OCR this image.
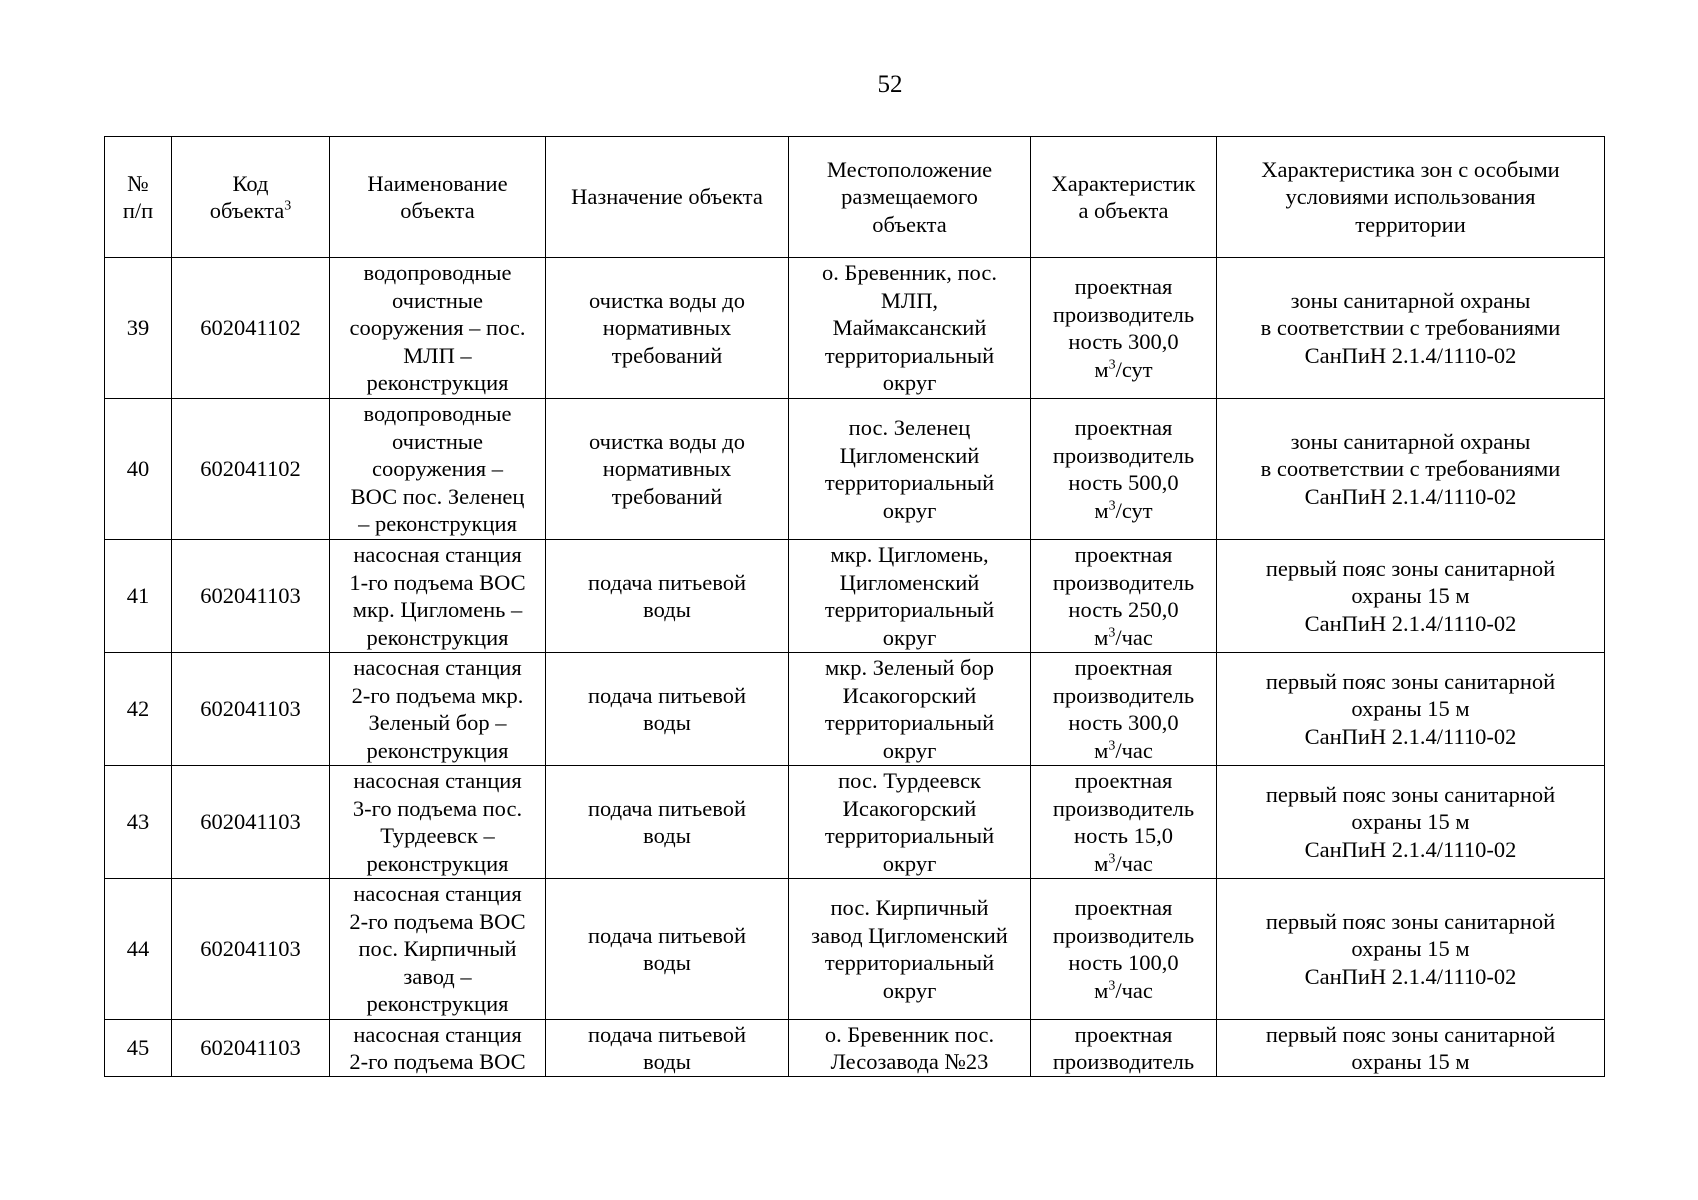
52
№
п/п	Код
объекта$^3$	Наименование
объекта	Назначение объекта	Местоположение
размещаемого
объекта	Характеристик
а объекта	Характеристика зон с особыми
условиями использования
территории

39	602041102	водопроводные
очистные
сооружения – пос.
МЛП –
реконструкция	очистка воды до
нормативных
требований	о. Бревенник, пос.
МЛП,
Маймаксанский
территориальный
округ	проектная
производитель
ность 300,0
$м^3$/сут	зоны санитарной охраны
в соответствии с требованиями
СанПиН 2.1.4/1110-02

40	602041102	водопроводные
очистные
сооружения –
ВОС пос. Зеленец
– реконструкция	очистка воды до
нормативных
требований	пос. Зеленец
Цигломенский
территориальный
округ	проектная
производитель
ность 500,0
$м^3$/сут	зоны санитарной охраны
в соответствии с требованиями
СанПиН 2.1.4/1110-02

41	602041103	насосная станция
1-го подъема ВОС
мкр. Цигломень –
реконструкция	подача питьевой
воды	мкр. Цигломень,
Цигломенский
территориальный
округ	проектная
производитель
ность 250,0
$м^3$/час	первый пояс зоны санитарной
охраны 15 м
СанПиН 2.1.4/1110-02

42	602041103	насосная станция
2-го подъема мкр.
Зеленый бор –
реконструкция	подача питьевой
воды	мкр. Зеленый бор
Исакогорский
территориальный
округ	проектная
производитель
ность 300,0
$м^3$/час	первый пояс зоны санитарной
охраны 15 м
СанПиН 2.1.4/1110-02

43	602041103	насосная станция
3-го подъема пос.
Турдеевск –
реконструкция	подача питьевой
воды	пос. Турдеевск
Исакогорский
территориальный
округ	проектная
производитель
ность 15,0
$м^3$/час	первый пояс зоны санитарной
охраны 15 м
СанПиН 2.1.4/1110-02

44	602041103	насосная станция
2-го подъема ВОС
пос. Кирпичный
завод –
реконструкция	подача питьевой
воды	пос. Кирпичный
завод Цигломенский
территориальный
округ	проектная
производитель
ность 100,0
$м^3$/час	первый пояс зоны санитарной
охраны 15 м
СанПиН 2.1.4/1110-02

45	602041103	насосная станция
2-го подъема ВОС	подача питьевой
воды	о. Бревенник пос.
Лесозавода №23	проектная
производитель	первый пояс зоны санитарной
охраны 15 м
